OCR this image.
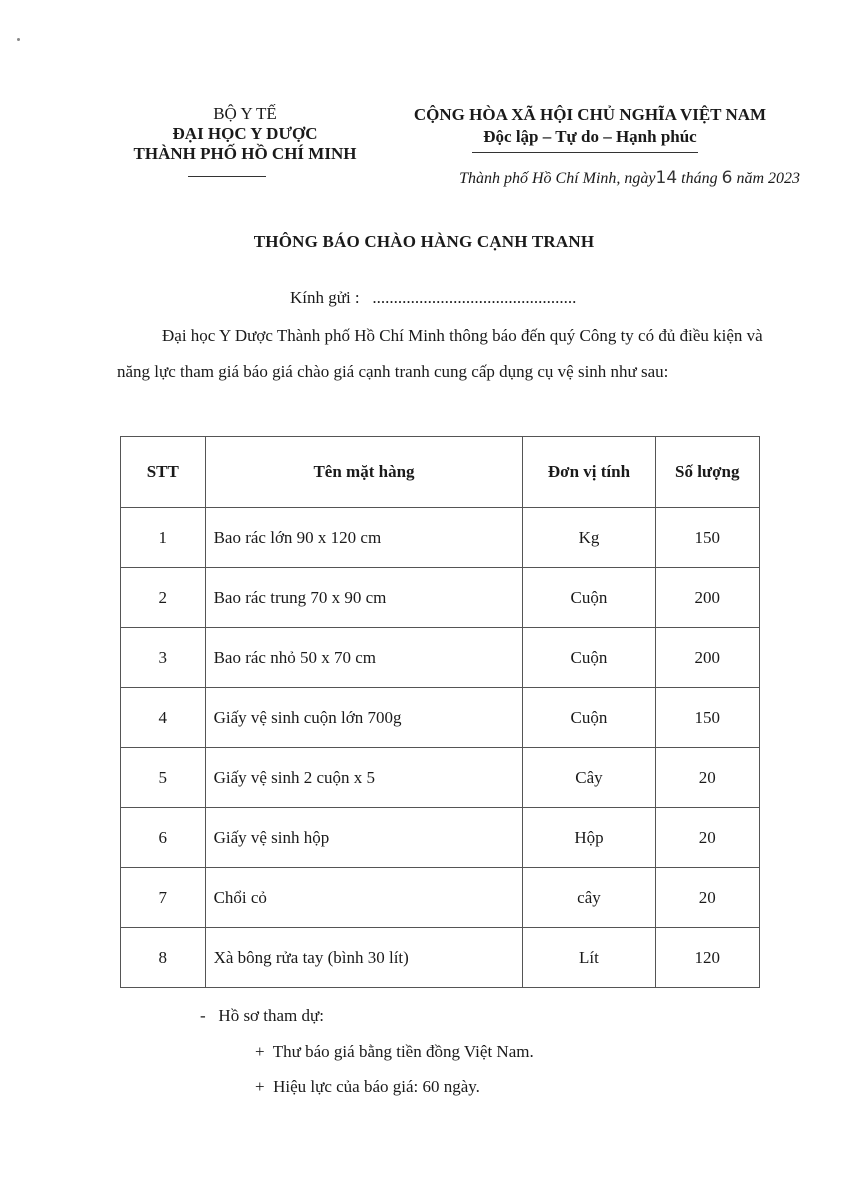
BỘ Y TẾ
ĐẠI HỌC Y DƯỢC
THÀNH PHỐ HỒ CHÍ MINH
CỘNG HÒA XÃ HỘI CHỦ NGHĨA VIỆT NAM
Độc lập – Tự do – Hạnh phúc
Thành phố Hồ Chí Minh, ngày14 tháng 6 năm 2023
THÔNG BÁO CHÀO HÀNG CẠNH TRANH
Kính gửi : ................................................
Đại học Y Dược Thành phố Hồ Chí Minh thông báo đến quý Công ty có đủ điều kiện và năng lực tham giá báo giá chào giá cạnh tranh cung cấp dụng cụ vệ sinh như sau:
STT	Tên mặt hàng	Đơn vị tính	Số lượng
1	Bao rác lớn 90 x 120 cm	Kg	150
2	Bao rác trung 70 x 90 cm	Cuộn	200
3	Bao rác nhỏ 50 x 70 cm	Cuộn	200
4	Giấy vệ sinh cuộn lớn 700g	Cuộn	150
5	Giấy vệ sinh 2 cuộn x 5	Cây	20
6	Giấy vệ sinh hộp	Hộp	20
7	Chổi cỏ	cây	20
8	Xà bông rửa tay (bình 30 lít)	Lít	120
-   Hồ sơ tham dự:
+  Thư báo giá bằng tiền đồng Việt Nam.
+  Hiệu lực của báo giá: 60 ngày.
